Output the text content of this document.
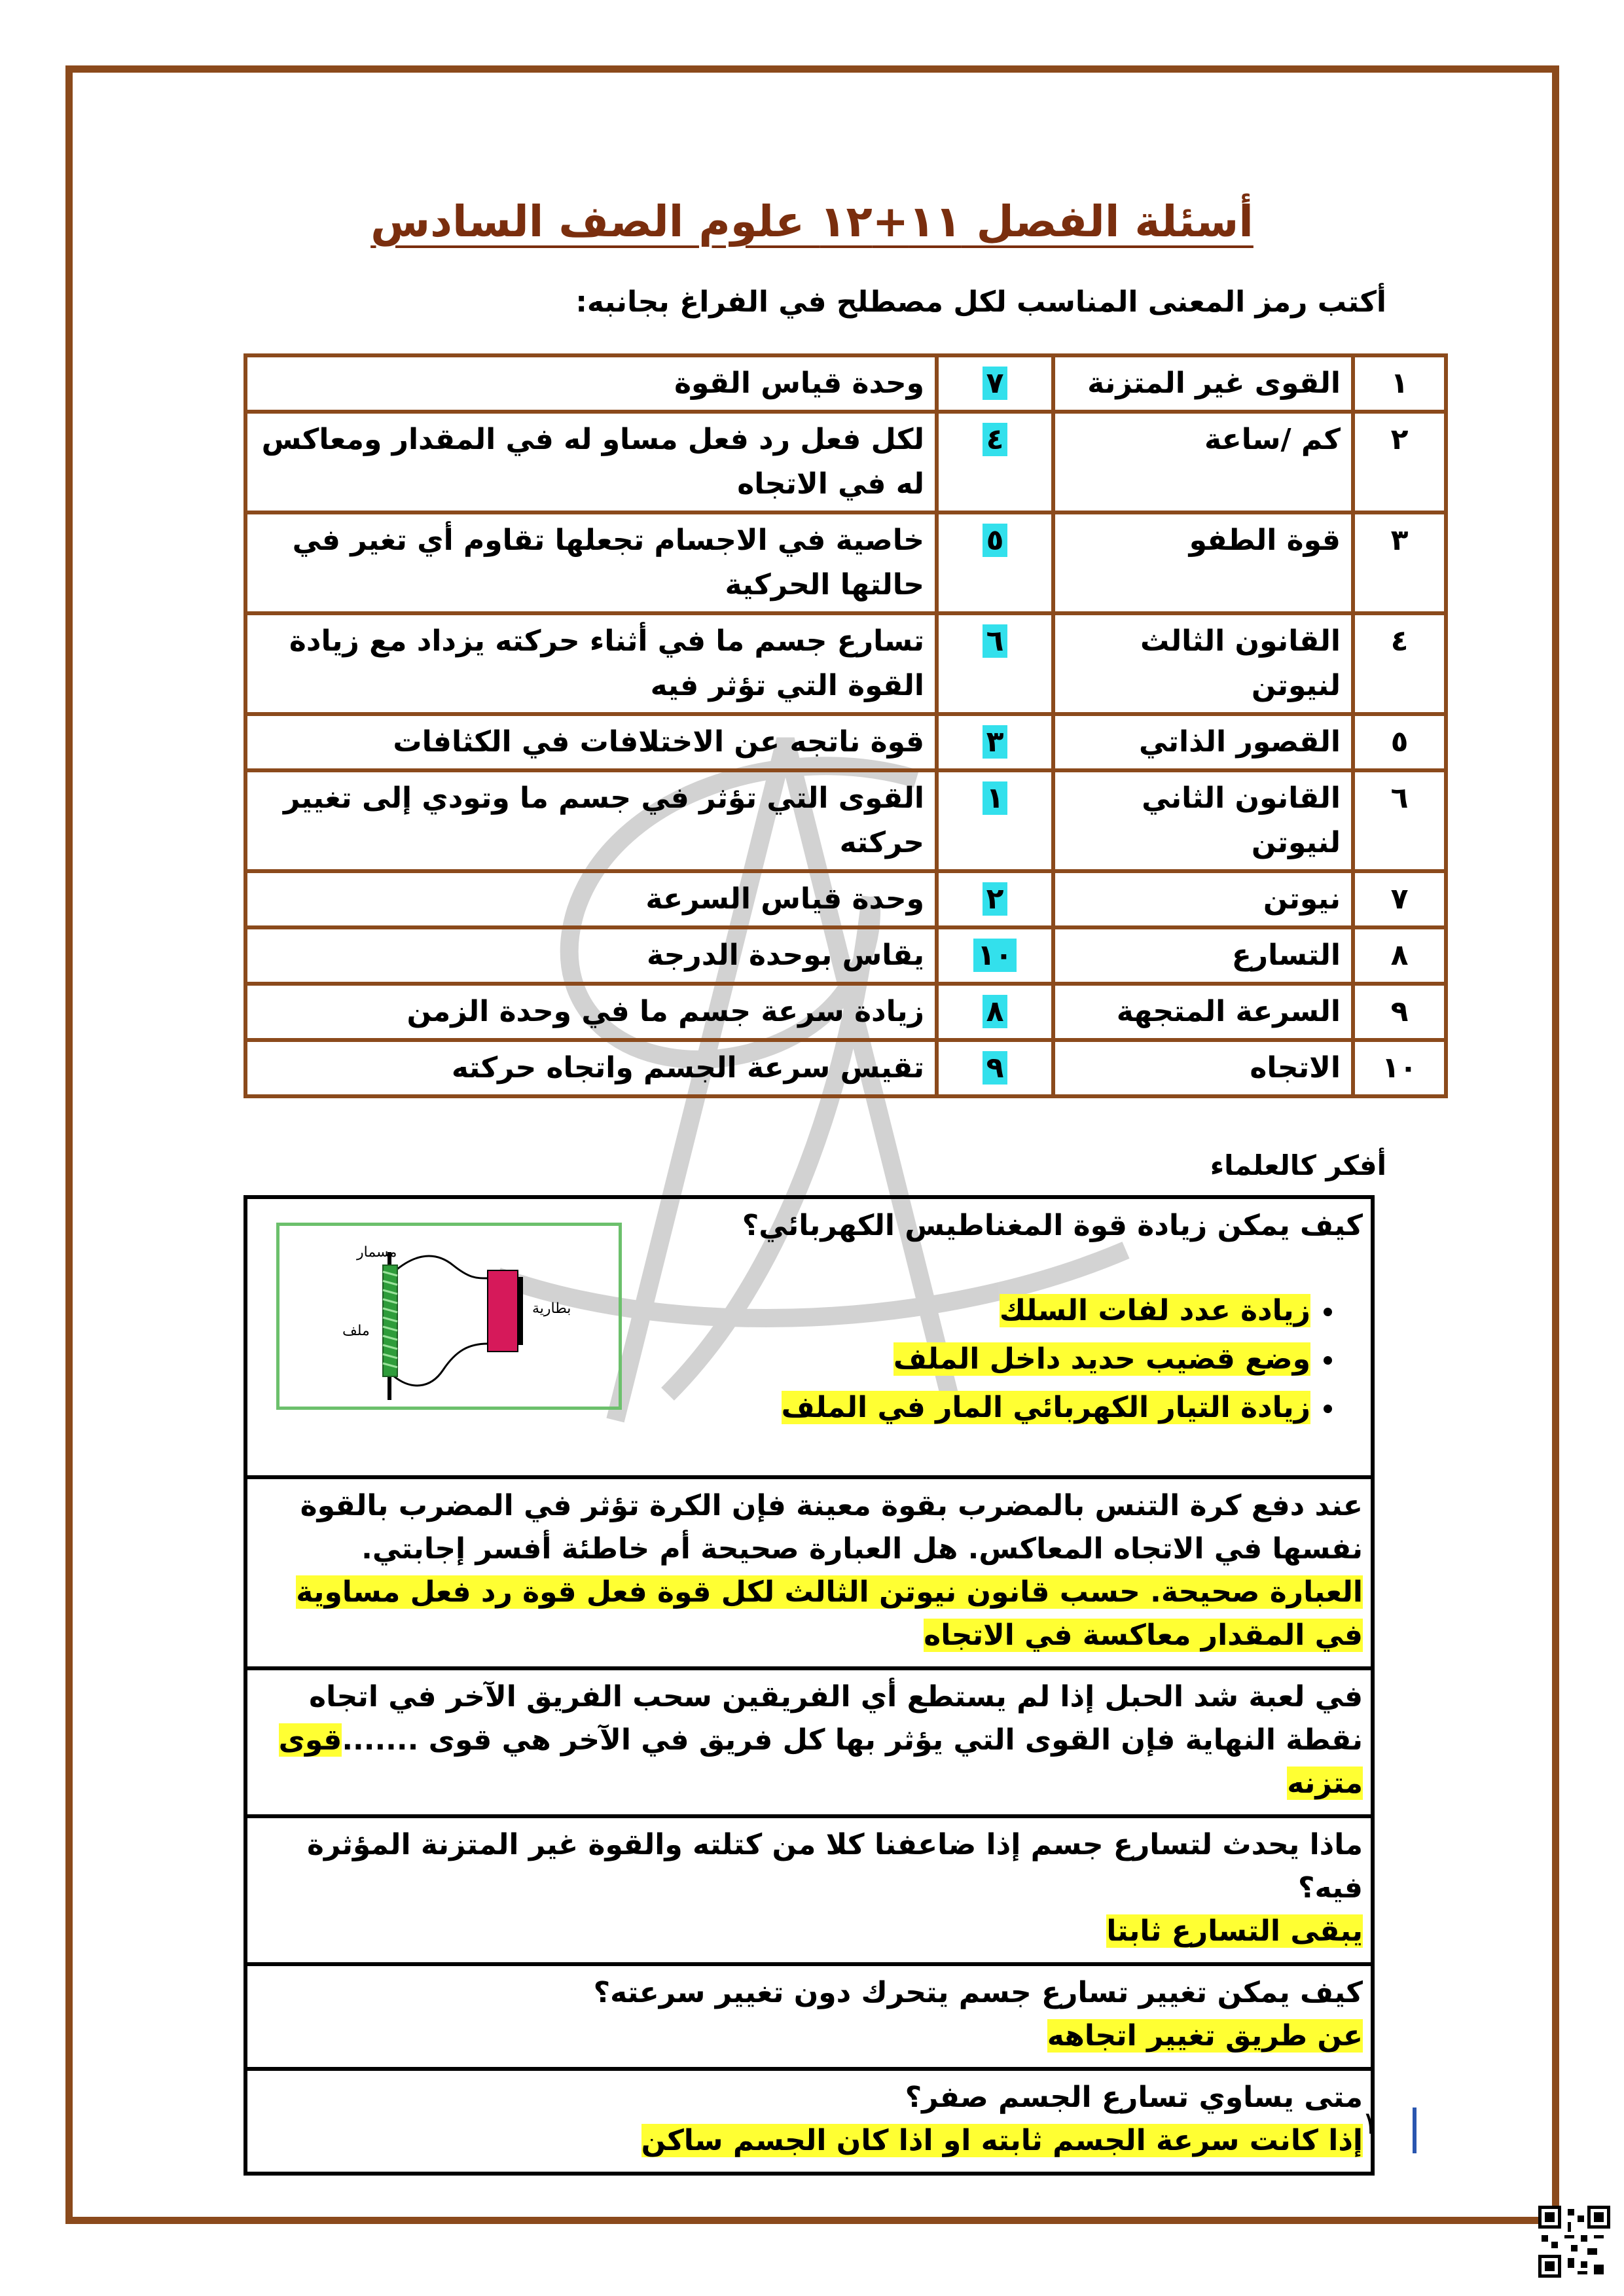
أسئلة الفصل ١١+١٢ علوم الصف السادس
أكتب رمز المعنى المناسب لكل مصطلح في الفراغ بجانبه:
١	القوى غير المتزنة	٧	وحدة قياس القوة
٢	كم /ساعة	٤	لكل فعل رد فعل مساو له في المقدار ومعاكس له في الاتجاه
٣	قوة الطفو	٥	خاصية في الاجسام تجعلها تقاوم أي تغير في حالتها الحركية
٤	القانون الثالث لنيوتن	٦	تسارع جسم ما في أثناء حركته يزداد مع زيادة القوة التي تؤثر فيه
٥	القصور الذاتي	٣	قوة ناتجه عن الاختلافات في الكثافات
٦	القانون الثاني لنيوتن	١	القوى التي تؤثر في جسم ما وتودي إلى تغيير حركته
٧	نيوتن	٢	وحدة قياس السرعة
٨	التسارع	١٠	يقاس بوحدة الدرجة
٩	السرعة المتجهة	٨	زيادة سرعة جسم ما في وحدة الزمن
١٠	الاتجاه	٩	تقيس سرعة الجسم واتجاه حركته
أفكر كالعلماء
كيف يمكن زيادة قوة المغناطيس الكهربائي؟
• زيادة عدد لفات السلك
• وضع قضيب حديد داخل الملف
• زيادة التيار الكهربائي المار في الملف
مسمار
ملف
بطارية

عند دفع كرة التنس بالمضرب بقوة معينة فإن الكرة تؤثر في المضرب بالقوة نفسها في الاتجاه المعاكس. هل العبارة صحيحة أم خاطئة أفسر إجابتي.
العبارة صحيحة. حسب قانون نيوتن الثالث لكل قوة فعل قوة رد فعل مساوية في المقدار معاكسة في الاتجاه

في لعبة شد الحبل إذا لم يستطع أي الفريقين سحب الفريق الآخر في اتجاه نقطة النهاية فإن القوى التي يؤثر بها كل فريق في الآخر هي قوى .......قوى متزنه

ماذا يحدث لتسارع جسم إذا ضاعفنا كلا من كتلته والقوة غير المتزنة المؤثرة فيه؟
يبقى التسارع ثابتا

كيف يمكن تغيير تسارع جسم يتحرك دون تغيير سرعته؟
عن طريق تغيير اتجاهه

متى يساوي تسارع الجسم صفر؟
إذا كانت سرعة الجسم ثابته او اذا كان الجسم ساكن
١
